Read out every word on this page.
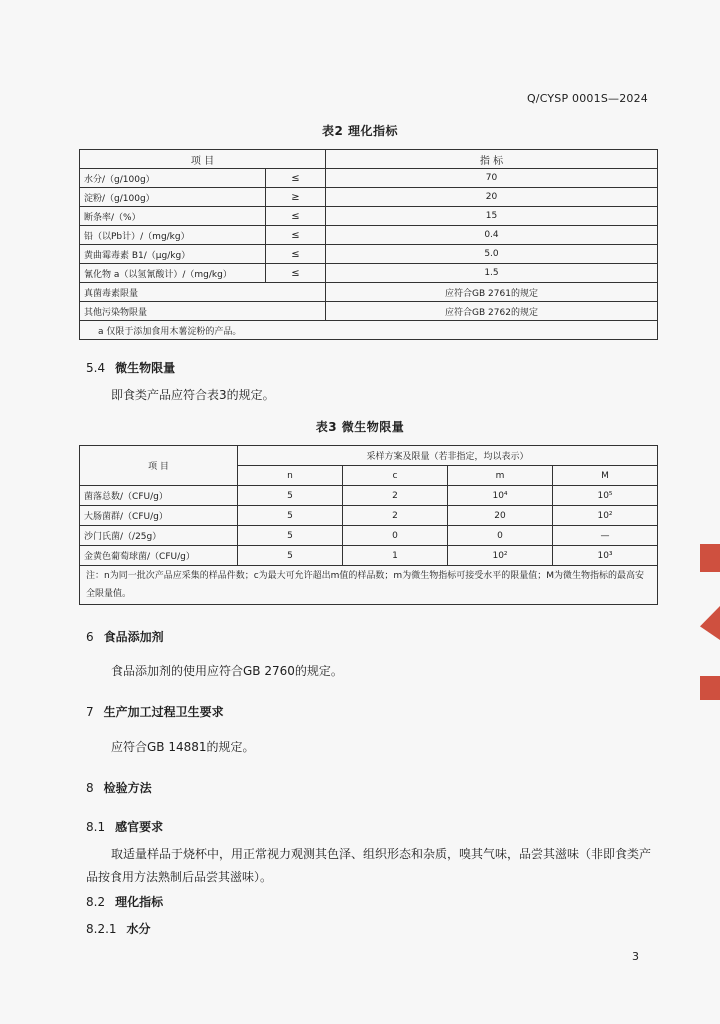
Q/CYSP 0001S—2024
表2 理化指标
项 目		指 标
水分/（g/100g）	≤	70
淀粉/（g/100g）	≥	20
断条率/（%）	≤	15
铅（以Pb计）/（mg/kg）	≤	0.4
黄曲霉毒素 B1/（μg/kg）	≤	5.0
氰化物 a（以氢氰酸计）/（mg/kg）	≤	1.5
真菌毒素限量		应符合GB 2761的规定
其他污染物限量		应符合GB 2762的规定
a 仅限于添加食用木薯淀粉的产品。		
5.4 微生物限量
即食类产品应符合表3的规定。
表3 微生物限量
项 目	采样方案及限量（若非指定，均以表示）			
	n	c	m	M
菌落总数/（CFU/g）	5	2	10⁴	10⁵
大肠菌群/（CFU/g）	5	2	20	10²
沙门氏菌/（/25g）	5	0	0	—
金黄色葡萄球菌/（CFU/g）	5	1	10²	10³
注：n为同一批次产品应采集的样品件数；c为最大可允许超出m值的样品数；m为微生物指标可接受水平的限量值；M为微生物指标的最高安全限量值。				
6 食品添加剂
食品添加剂的使用应符合GB 2760的规定。
7 生产加工过程卫生要求
应符合GB 14881的规定。
8 检验方法
8.1 感官要求
取适量样品于烧杯中，用正常视力观测其色泽、组织形态和杂质，嗅其气味，品尝其滋味（非即食类产品按食用方法熟制后品尝其滋味）。
8.2 理化指标
8.2.1 水分
3
